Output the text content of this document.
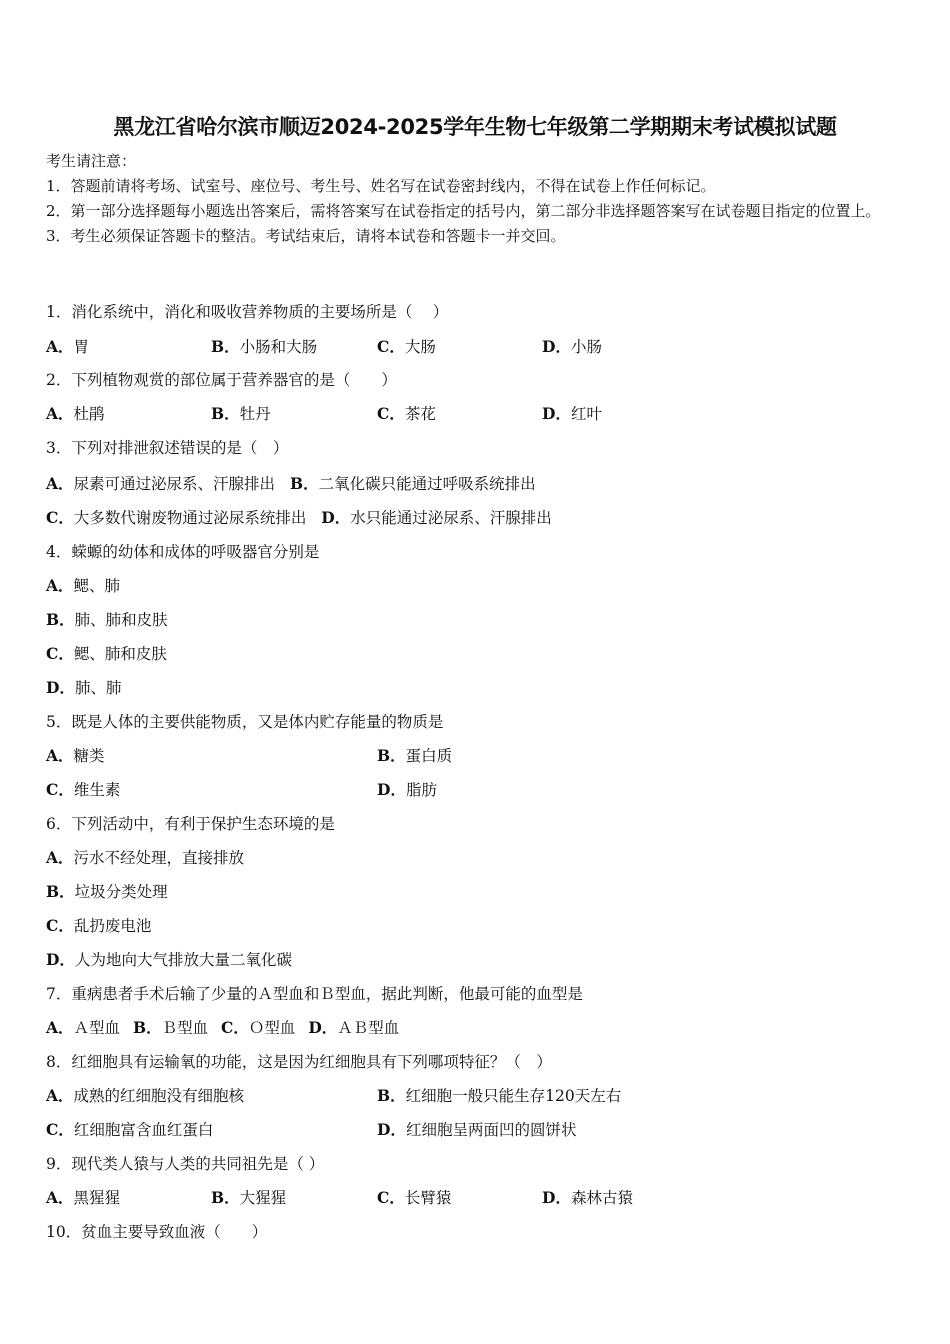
黑龙江省哈尔滨市顺迈2024-2025学年生物七年级第二学期期末考试模拟试题
考生请注意：
1．答题前请将考场、试室号、座位号、考生号、姓名写在试卷密封线内，不得在试卷上作任何标记。
2．第一部分选择题每小题选出答案后，需将答案写在试卷指定的括号内，第二部分非选择题答案写在试卷题目指定的位置上。
3．考生必须保证答题卡的整洁。考试结束后，请将本试卷和答题卡一并交回。
1．消化系统中，消化和吸收营养物质的主要场所是（　 ）
A．胃	B．小肠和大肠	C．大肠	D．小肠
2．下列植物观赏的部位属于营养器官的是（　　）
A．杜鹃	B．牡丹	C．茶花	D．红叶
3．下列对排泄叙述错误的是（　）
A．尿素可通过泌尿系、汗腺排出 B．二氧化碳只能通过呼吸系统排出
C．大多数代谢废物通过泌尿系统排出 D．水只能通过泌尿系、汗腺排出
4．蝾螈的幼体和成体的呼吸器官分别是
A．鳃、肺
B．肺、肺和皮肤
C．鳃、肺和皮肤
D．肺、肺
5．既是人体的主要供能物质，又是体内贮存能量的物质是
A．糖类	B．蛋白质
C．维生素	D．脂肪
6．下列活动中，有利于保护生态环境的是
A．污水不经处理，直接排放
B．垃圾分类处理
C．乱扔废电池
D．人为地向大气排放大量二氧化碳
7．重病患者手术后输了少量的Ａ型血和Ｂ型血，据此判断，他最可能的血型是
A．Ａ型血 B．Ｂ型血 C．Ｏ型血 D．ＡＢ型血
8．红细胞具有运输氧的功能，这是因为红细胞具有下列哪项特征？（　）
A．成熟的红细胞没有细胞核	B．红细胞一般只能生存120天左右
C．红细胞富含血红蛋白	D．红细胞呈两面凹的圆饼状
9．现代类人猿与人类的共同祖先是（ ）
A．黑猩猩	B．大猩猩	C．长臂猿	D．森林古猿
10．贫血主要导致血液（　　）
